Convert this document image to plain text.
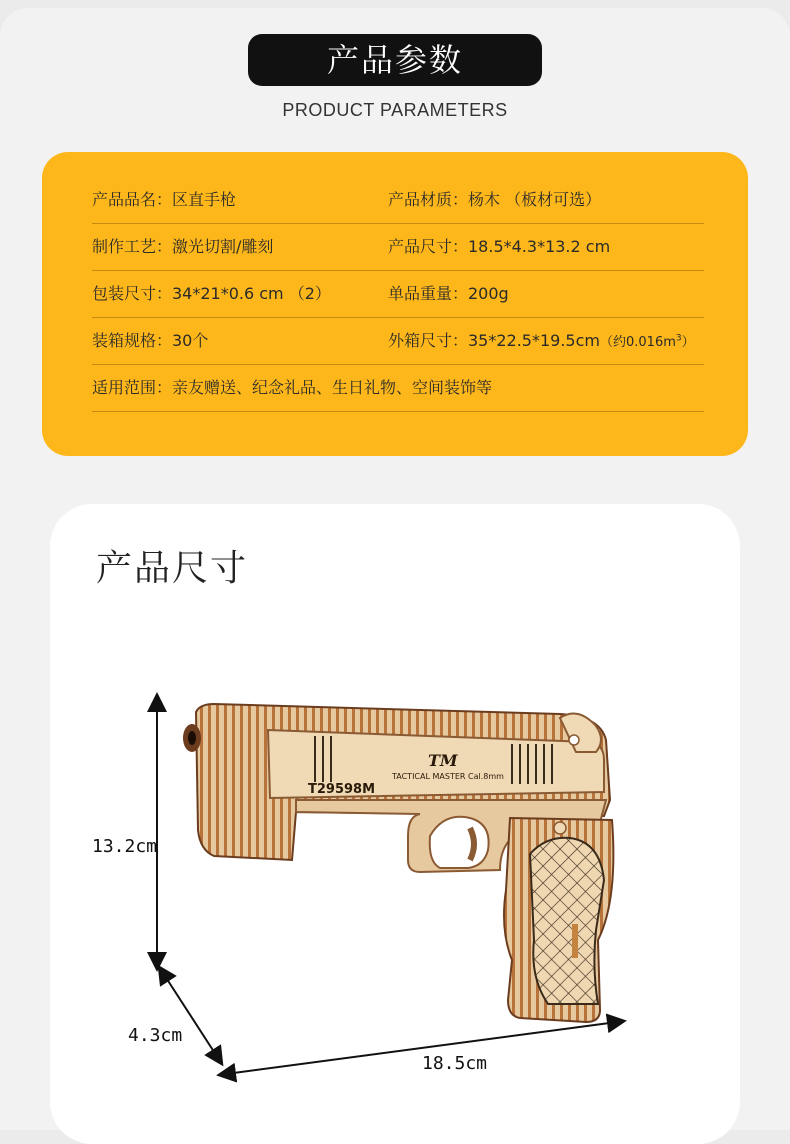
产品参数
PRODUCT PARAMETERS
产品品名：区直手枪	产品材质：杨木 （板材可选）
制作工艺：激光切割/雕刻	产品尺寸：18.5*4.3*13.2 cm
包装尺寸：34*21*0.6 cm （2）	单品重量：200g
装箱规格：30个	外箱尺寸：35*22.5*19.5cm（约$0.016m^3$）
适用范围：亲友赠送、纪念礼品、生日礼物、空间装饰等
产品尺寸
T29598M
TACTICAL MASTER Cal.8mm
TM
13.2cm
4.3cm
18.5cm
